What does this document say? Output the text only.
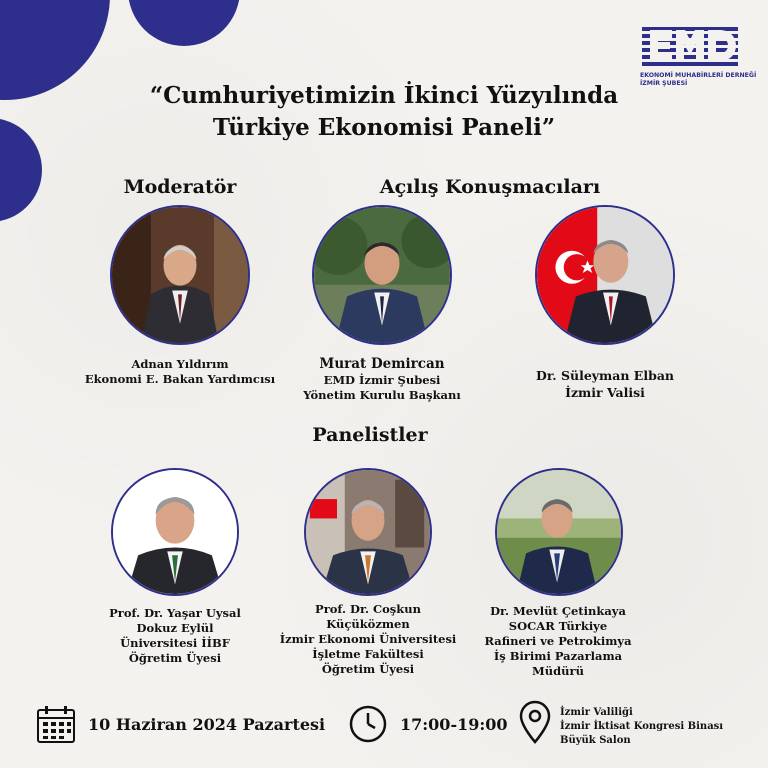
EKONOMİ MUHABİRLERİ DERNEĞİ
İZMİR ŞUBESİ
“Cumhuriyetimizin İkinci Yüzyılında
Türkiye Ekonomisi Paneli”
Moderatör	Açılış Konuşmacıları
Panelistler
Adnan Yıldırım
Ekonomi E. Bakan Yardımcısı
Murat Demircan
EMD İzmir Şubesi
Yönetim Kurulu Başkanı
Dr. Süleyman Elban
İzmir Valisi
Prof. Dr. Yaşar Uysal
Dokuz Eylül
Üniversitesi İİBF
Öğretim Üyesi
Prof. Dr. Coşkun
Küçüközmen
İzmir Ekonomi Üniversitesi
İşletme Fakültesi
Öğretim Üyesi
Dr. Mevlüt Çetinkaya
SOCAR Türkiye
Rafineri ve Petrokimya
İş Birimi Pazarlama
Müdürü
10 Haziran 2024 Pazartesi	17:00-19:00
İzmir Valiliği
İzmir İktisat Kongresi Binası
Büyük Salon
